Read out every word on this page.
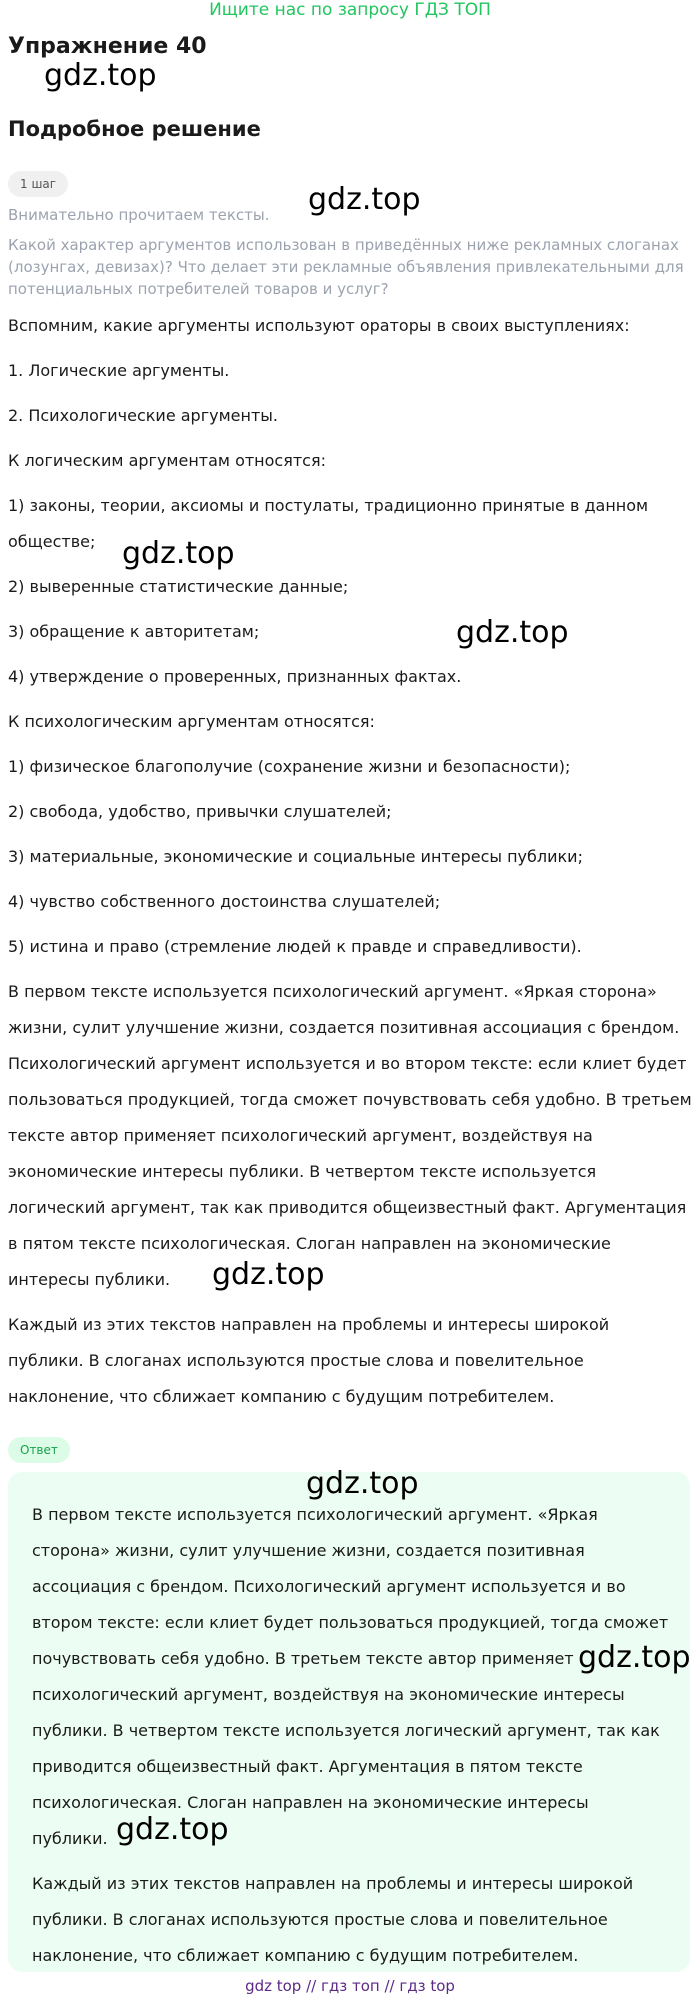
Ищите нас по запросу ГДЗ ТОП
Упражнение 40
gdz.top
Подробное решение
1 шаг
Внимательно прочитаем тексты. gdz.top
Какой характер аргументов использован в приведённых ниже рекламных слоганах
(лозунгах, девизах)? Что делает эти рекламные объявления привлекательными для
потенциальных потребителей товаров и услуг?
Вспомним, какие аргументы используют ораторы в своих выступлениях:
1. Логические аргументы.
2. Психологические аргументы.
К логическим аргументам относятся:
1) законы, теории, аксиомы и постулаты, традиционно принятые в данном
обществе; gdz.top
2) выверенные статистические данные;
3) обращение к авторитетам;	gdz.top
4) утверждение о проверенных, признанных фактах.
К психологическим аргументам относятся:
1) физическое благополучие (сохранение жизни и безопасности);
2) свобода, удобство, привычки слушателей;
3) материальные, экономические и социальные интересы публики;
4) чувство собственного достоинства слушателей;
5) истина и право (стремление людей к правде и справедливости).
В первом тексте используется психологический аргумент. «Яркая сторона»
жизни, сулит улучшение жизни, создается позитивная ассоциация с брендом.
Психологический аргумент используется и во втором тексте: если клиет будет
пользоваться продукцией, тогда сможет почувствовать себя удобно. В третьем
тексте автор применяет психологический аргумент, воздействуя на
экономические интересы публики. В четвертом тексте используется
логический аргумент, так как приводится общеизвестный факт. Аргументация
в пятом тексте психологическая. Слоган направлен на экономические
интересы публики. gdz.top
Каждый из этих текстов направлен на проблемы и интересы широкой
публики. В слоганах используются простые слова и повелительное
наклонение, что сближает компанию с будущим потребителем.
Ответ
gdz.top
В первом тексте используется психологический аргумент. «Яркая
сторона» жизни, сулит улучшение жизни, создается позитивная
ассоциация с брендом. Психологический аргумент используется и во
втором тексте: если клиет будет пользоваться продукцией, тогда сможет
почувствовать себя удобно. В третьем тексте автор применяет gdz.top
психологический аргумент, воздействуя на экономические интересы
публики. В четвертом тексте используется логический аргумент, так как
приводится общеизвестный факт. Аргументация в пятом тексте
психологическая. Слоган направлен на экономические интересы
публики. gdz.top
Каждый из этих текстов направлен на проблемы и интересы широкой
публики. В слоганах используются простые слова и повелительное
наклонение, что сближает компанию с будущим потребителем.
gdz top // гдз топ // гдз top
